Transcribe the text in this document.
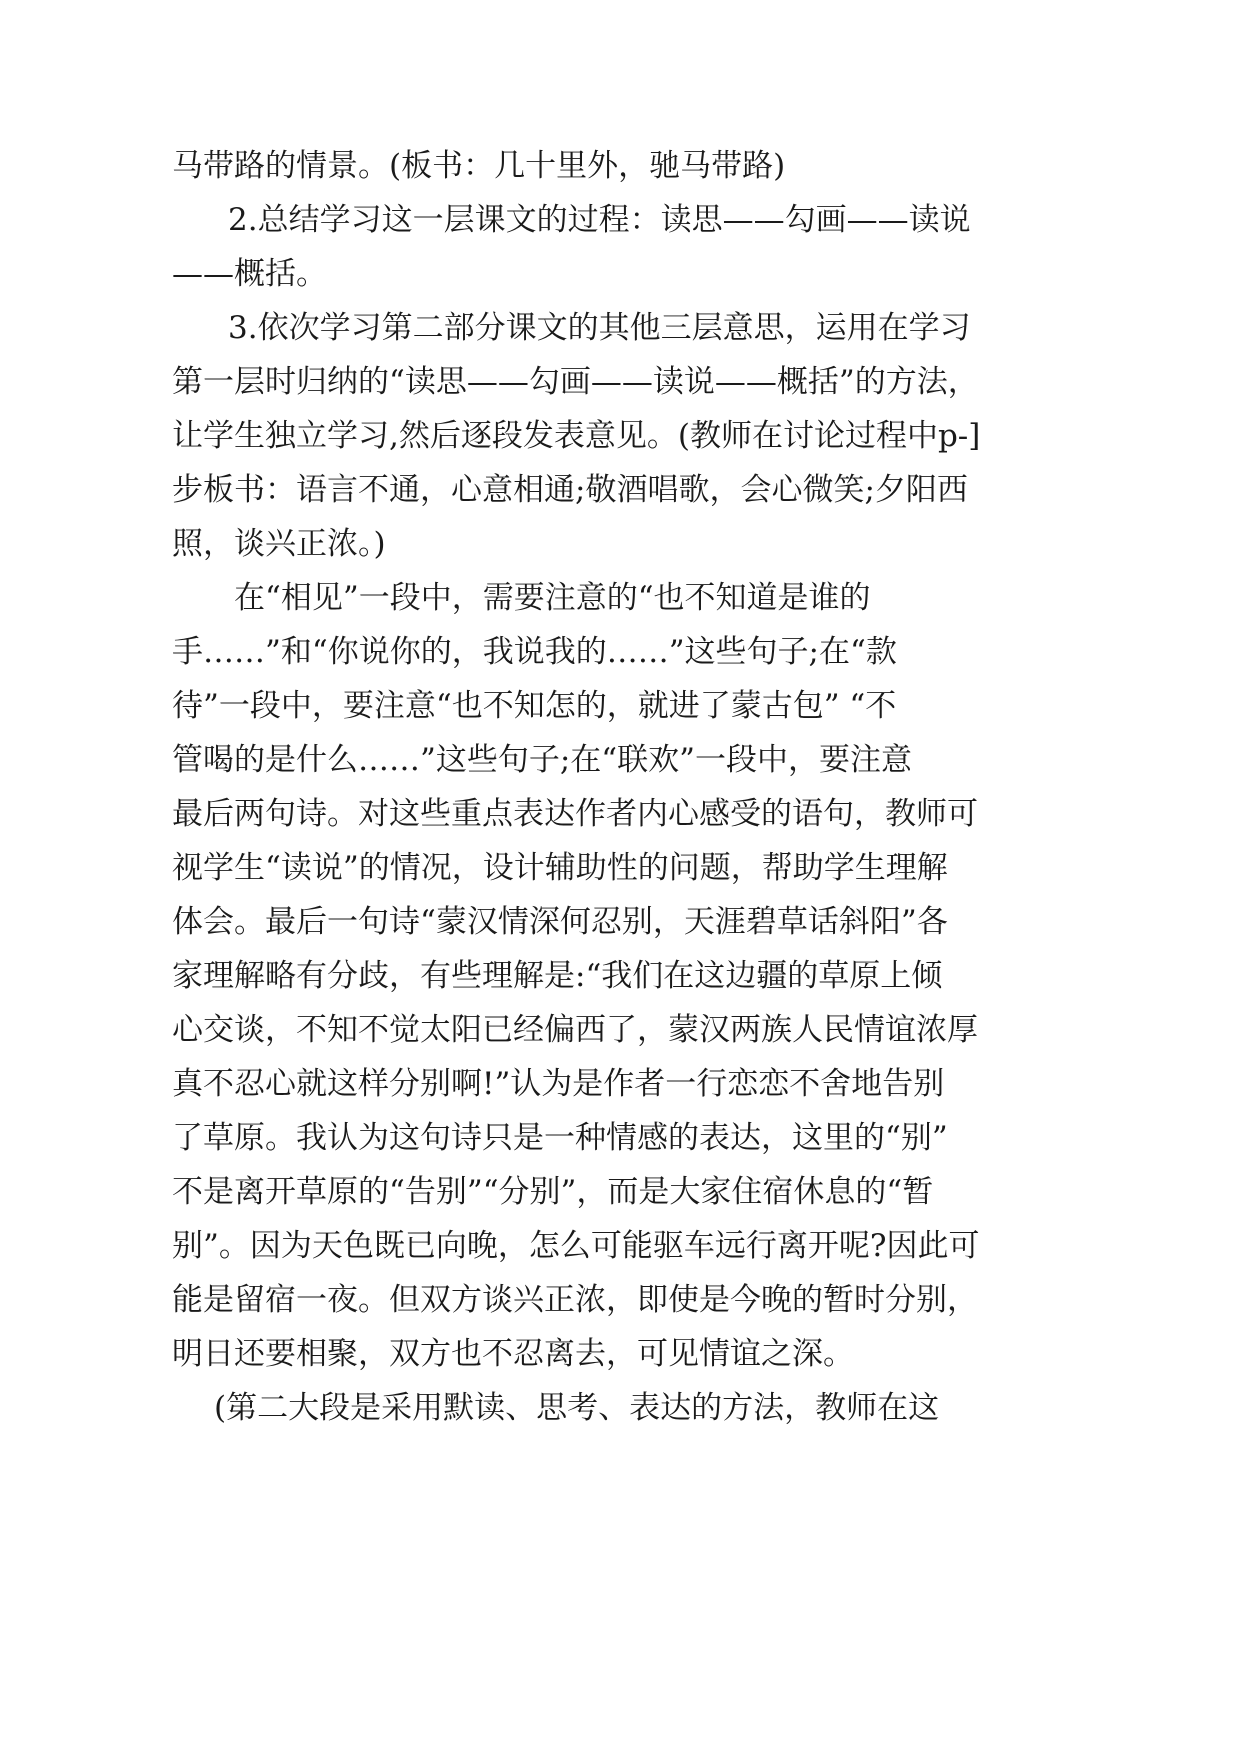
马带路的情景。(板书：几十里外，驰马带路)
2.总结学习这一层课文的过程：读思——勾画——读说
——概括。
3.依次学习第二部分课文的其他三层意思，运用在学习
第一层时归纳的“读思——勾画——读说——概括”的方法，
让学生独立学习,然后逐段发表意见。(教师在讨论过程中p-]
步板书：语言不通，心意相通;敬酒唱歌，会心微笑;夕阳西
照，谈兴正浓。)
在“相见”一段中，需要注意的“也不知道是谁的
手……”和“你说你的，我说我的……”这些句子;在“款
待”一段中，要注意“也不知怎的，就进了蒙古包” “不
管喝的是什么……”这些句子;在“联欢”一段中，要注意
最后两句诗。对这些重点表达作者内心感受的语句，教师可
视学生“读说”的情况，设计辅助性的问题，帮助学生理解
体会。最后一句诗“蒙汉情深何忍别，天涯碧草话斜阳”各
家理解略有分歧，有些理解是:“我们在这边疆的草原上倾
心交谈，不知不觉太阳已经偏西了，蒙汉两族人民情谊浓厚
真不忍心就这样分别啊!”认为是作者一行恋恋不舍地告别
了草原。我认为这句诗只是一种情感的表达，这里的“别”
不是离开草原的“告别”“分别”，而是大家住宿休息的“暂
别”。因为天色既已向晚，怎么可能驱车远行离开呢?因此可
能是留宿一夜。但双方谈兴正浓，即使是今晚的暂时分别，
明日还要相聚，双方也不忍离去，可见情谊之深。
(第二大段是采用默读、思考、表达的方法，教师在这
